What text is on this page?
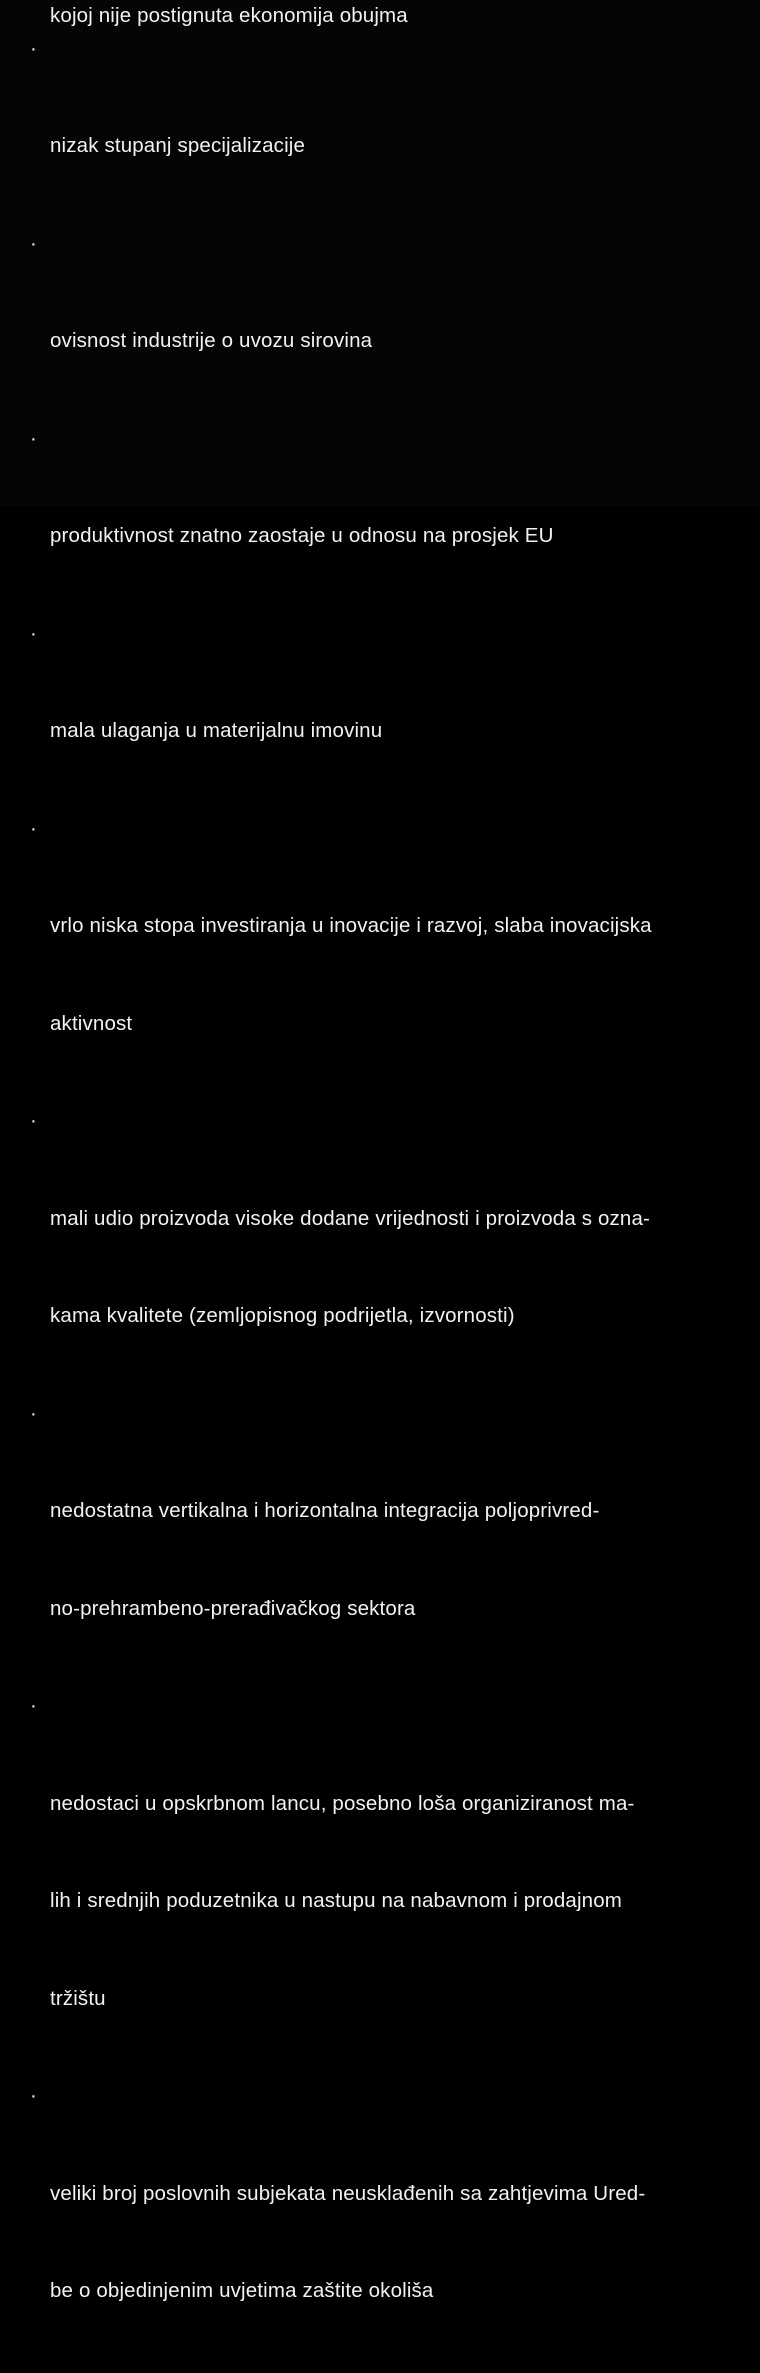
kojoj nije postignuta ekonomija obujma

·

nizak stupanj specijalizacije

·

ovisnost industrije o uvozu sirovina

·

produktivnost znatno zaostaje u odnosu na prosjek EU

·

mala ulaganja u materijalnu imovinu

·

vrlo niska stopa investiranja u inovacije i razvoj, slaba inovacijska

aktivnost

·

mali udio proizvoda visoke dodane vrijednosti i proizvoda s ozna-

kama kvalitete (zemljopisnog podrijetla, izvornosti)

·

nedostatna vertikalna i horizontalna integracija poljoprivred-

no-prehrambeno-prerađivačkog sektora

·

nedostaci u opskrbnom lancu, posebno loša organiziranost ma-

lih i srednjih poduzetnika u nastupu na nabavnom i prodajnom

tržištu

·

veliki broj poslovnih subjekata neusklađenih sa zahtjevima Ured-

be o objedinjenim uvjetima zaštite okoliša
